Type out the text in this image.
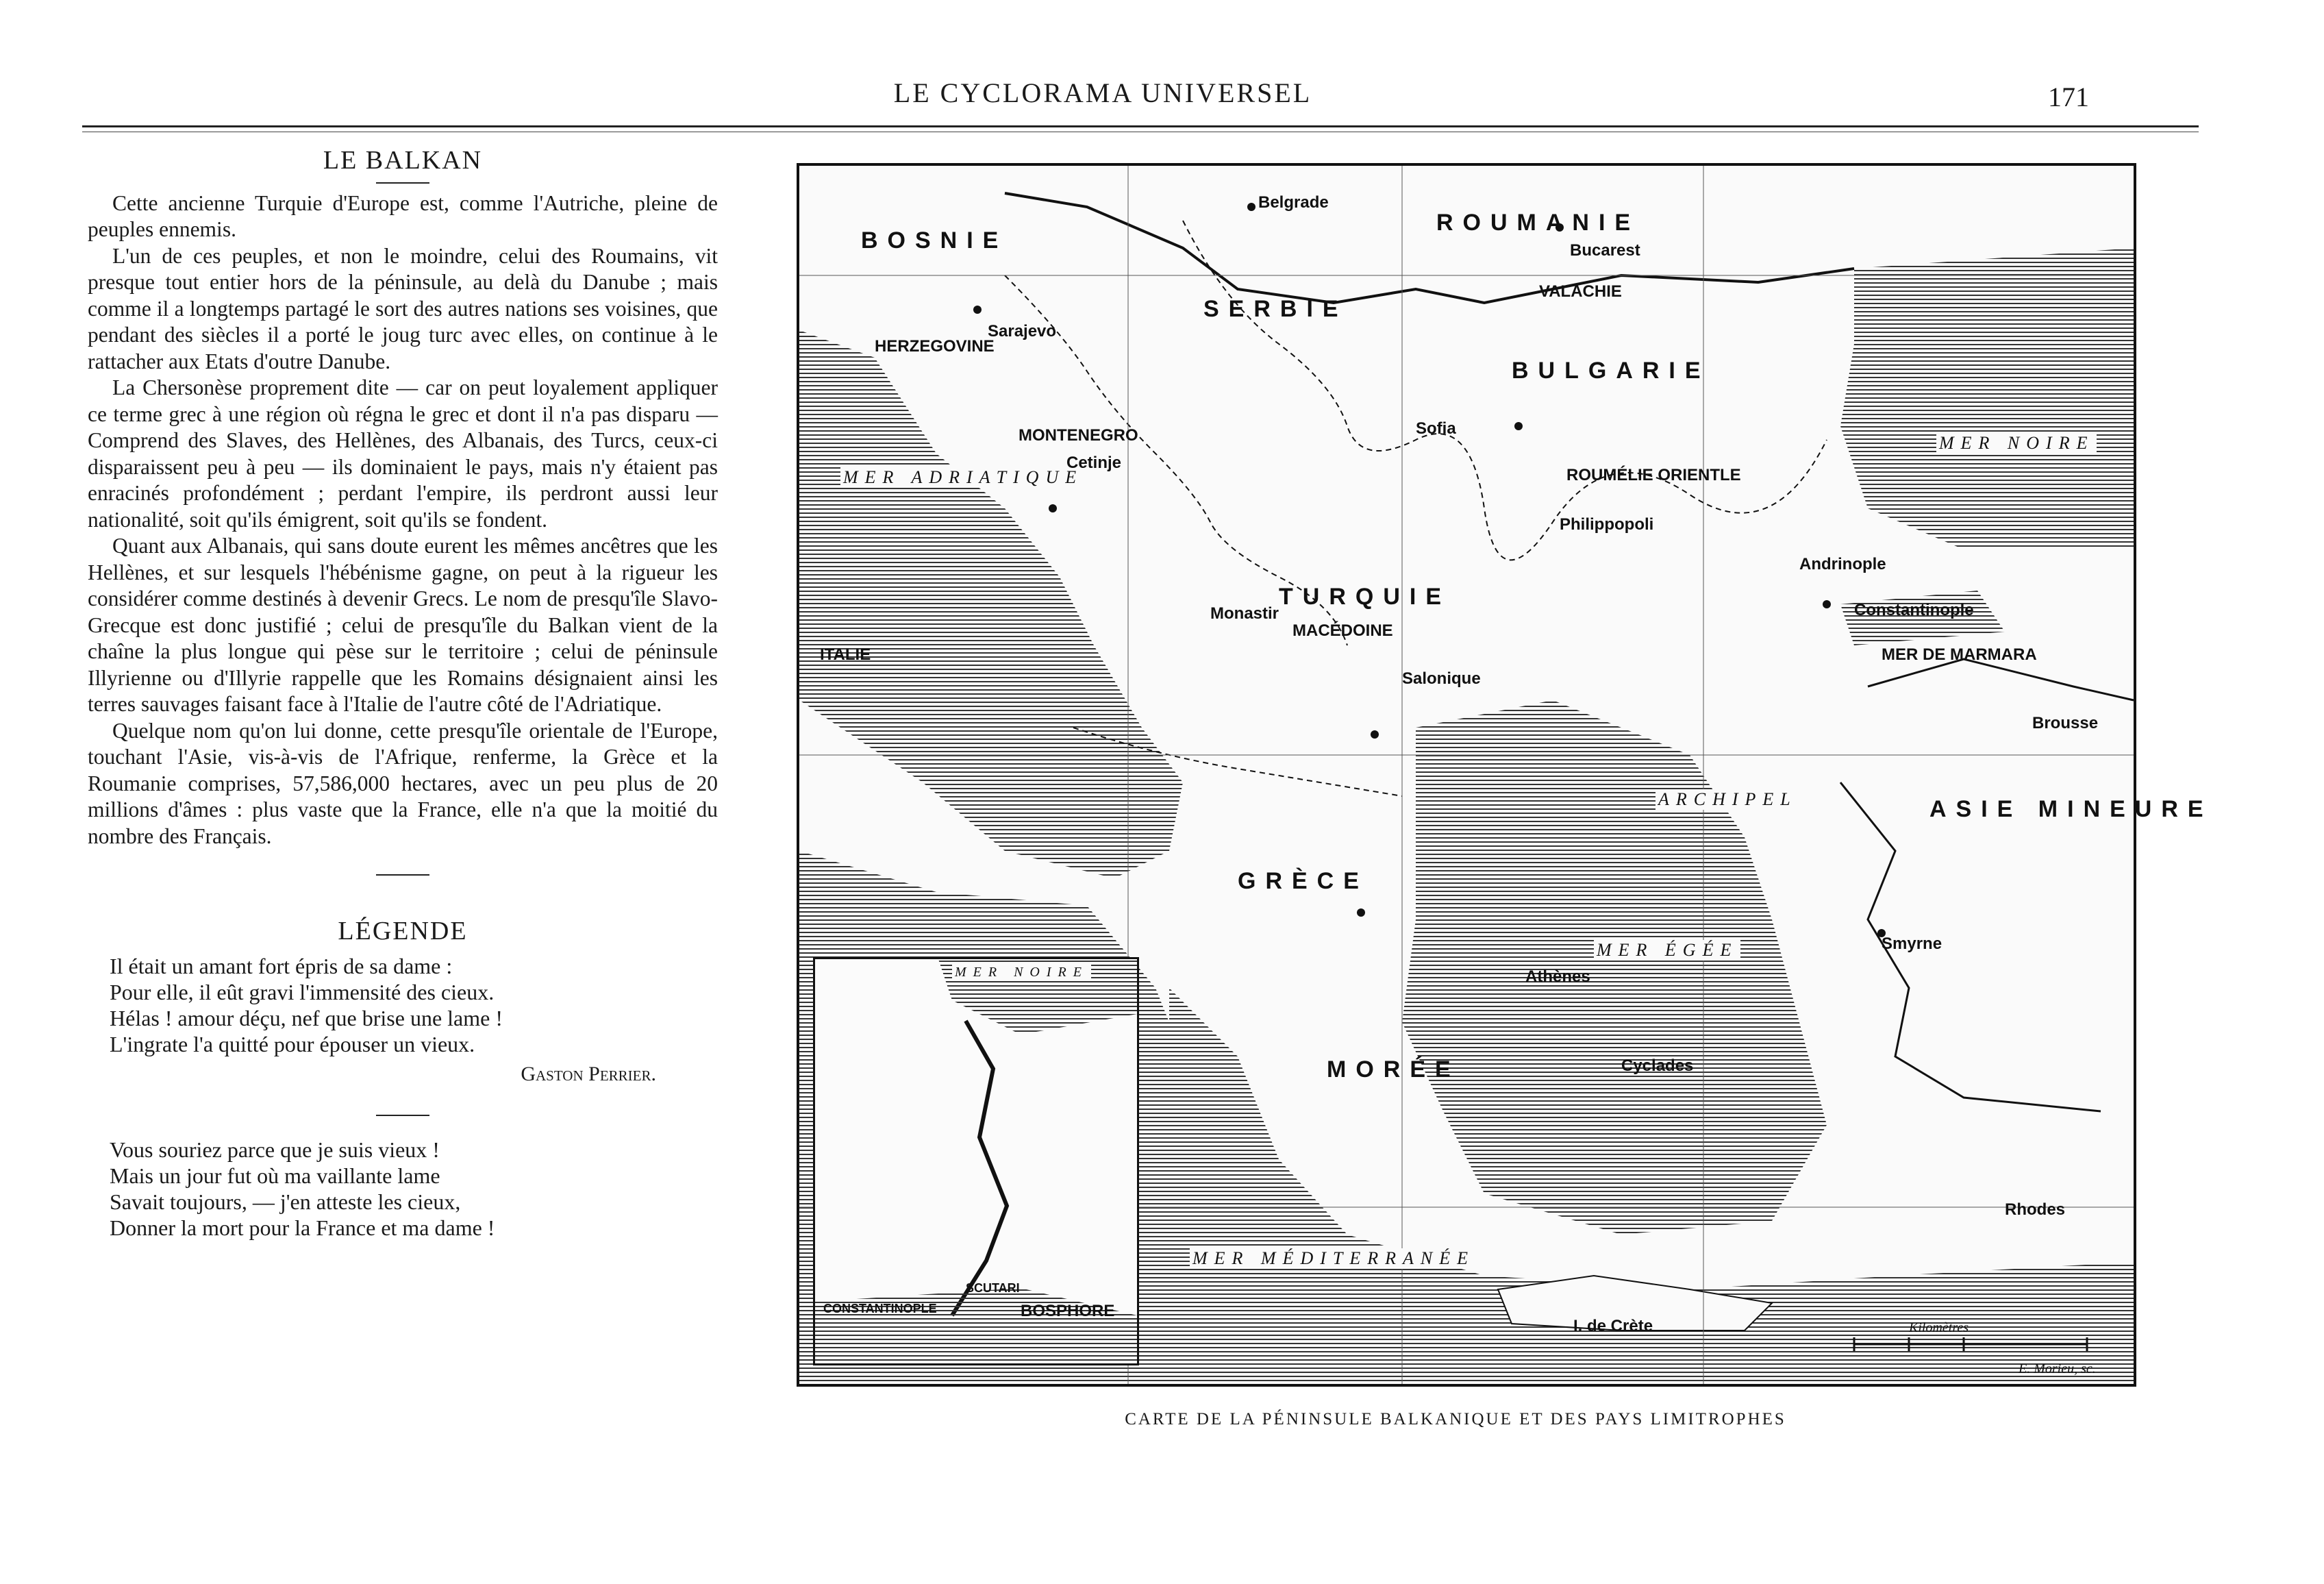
LE CYCLORAMA UNIVERSEL	171
LE BALKAN

Cette ancienne Turquie d'Europe est, comme l'Autriche, pleine de peuples ennemis.

L'un de ces peuples, et non le moindre, celui des Roumains, vit presque tout entier hors de la péninsule, au delà du Danube ; mais comme il a longtemps partagé le sort des autres nations ses voisines, que pendant des siècles il a porté le joug turc avec elles, on continue à le rattacher aux Etats d'outre Danube.

La Chersonèse proprement dite — car on peut loyalement appliquer ce terme grec à une région où régna le grec et dont il n'a pas disparu — Comprend des Slaves, des Hellènes, des Albanais, des Turcs, ceux-ci disparaissent peu à peu — ils dominaient le pays, mais n'y étaient pas enracinés profondément ; perdant l'empire, ils perdront aussi leur nationalité, soit qu'ils émigrent, soit qu'ils se fondent.

Quant aux Albanais, qui sans doute eurent les mêmes ancêtres que les Hellènes, et sur lesquels l'hébénisme gagne, on peut à la rigueur les considérer comme destinés à devenir Grecs. Le nom de presqu'île Slavo-Grecque est donc justifié ; celui de presqu'île du Balkan vient de la chaîne la plus longue qui pèse sur le territoire ; celui de péninsule Illyrienne ou d'Illyrie rappelle que les Romains désignaient ainsi les terres sauvages faisant face à l'Italie de l'autre côté de l'Adriatique.

Quelque nom qu'on lui donne, cette presqu'île orientale de l'Europe, touchant l'Asie, vis-à-vis de l'Afrique, renferme, la Grèce et la Roumanie comprises, 57,586,000 hectares, avec un peu plus de 20 millions d'âmes : plus vaste que la France, elle n'a que la moitié du nombre des Français.

LÉGENDE

Il était un amant fort épris de sa dame :

Pour elle, il eût gravi l'immensité des cieux.

Hélas ! amour déçu, nef que brise une lame !

L'ingrate l'a quitté pour épouser un vieux.

Gaston Perrier.

Vous souriez parce que je suis vieux !

Mais un jour fut où ma vaillante lame

Savait toujours, — j'en atteste les cieux,

Donner la mort pour la France et ma dame !

ROUMANIE
SERBIE
BULGARIE
BOSNIE
TURQUIE
GRÈCE
ASIE MINEURE
ITALIE
VALACHIE
ROUMÉLIE ORIENTLE
MACÉDOINE
HERZEGOVINE
MONTENEGRO
MORÉE
MER ADRIATIQUE
MER NOIRE
MER DE MARMARA
MER ÉGÉE
ARCHIPEL
MER MÉDITERRANÉE
Belgrade
Bucarest
Sofia
Sarajevo
Cetinje
Philippopoli
Andrinople
Constantinople
Salonique
Monastir
Athènes
Smyrne
Brousse
I. de Crète
Cyclades
Rhodes
Kilomètres
E. Morieu, sc.
MER NOIRE
CONSTANTINOPLE
SCUTARI
BOSPHORE
CARTE DE LA PÉNINSULE BALKANIQUE ET DES PAYS LIMITROPHES
